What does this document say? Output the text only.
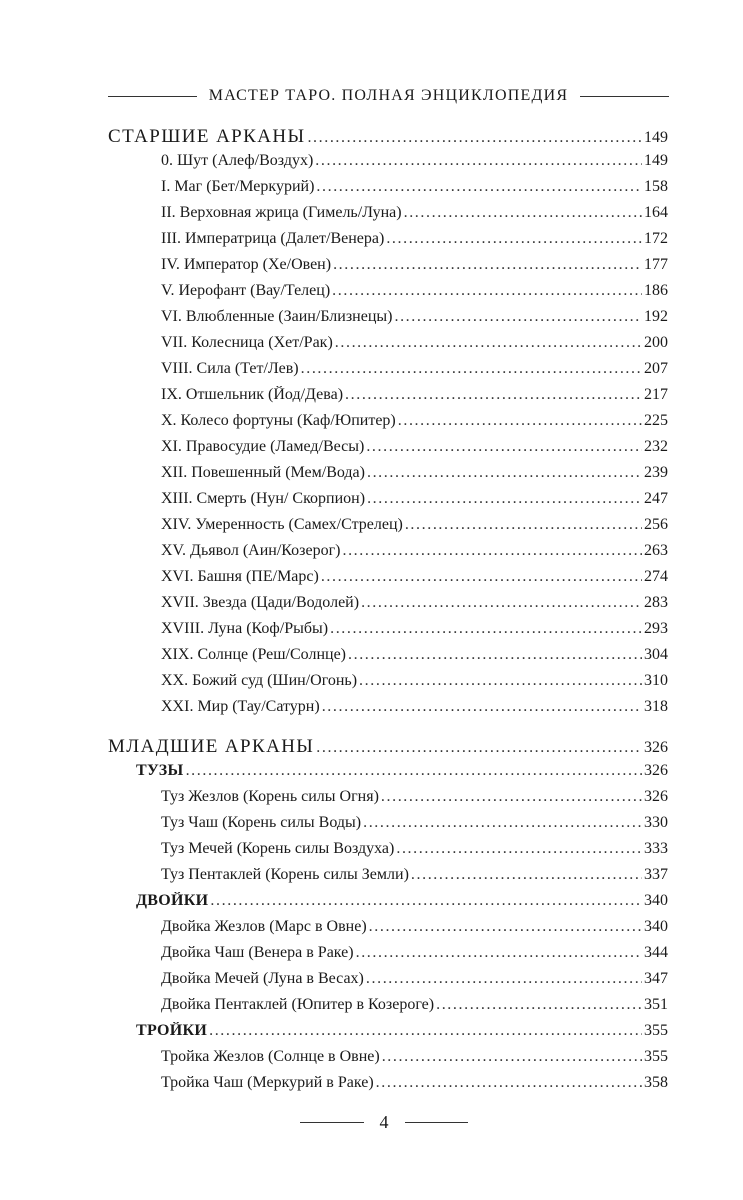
МАСТЕР ТАРО. ПОЛНАЯ ЭНЦИКЛОПЕДИЯ
СТАРШИЕ АРКАНЫ .....	149
0. Шут (Алеф/Воздух) .....	149
I. Маг (Бет/Меркурий) .....	158
II. Верховная жрица (Гимель/Луна) .....	164
III. Императрица (Далет/Венера) .....	172
IV. Император (Хе/Овен) .....	177
V. Иерофант (Вау/Телец) .....	186
VI. Влюбленные (Заин/Близнецы) .....	192
VII. Колесница (Хет/Рак) .....	200
VIII. Сила (Тет/Лев) .....	207
IX. Отшельник (Йод/Дева) .....	217
X. Колесо фортуны (Каф/Юпитер) .....	225
XI. Правосудие (Ламед/Весы) .....	232
XII. Повешенный (Мем/Вода) .....	239
XIII. Смерть (Нун/ Скорпион) .....	247
XIV. Умеренность (Самех/Стрелец) .....	256
XV. Дьявол (Аин/Козерог) .....	263
XVI. Башня (ПЕ/Марс) .....	274
XVII. Звезда (Цади/Водолей) .....	283
XVIII. Луна (Коф/Рыбы) .....	293
XIX. Солнце (Реш/Солнце) .....	304
XX. Божий суд (Шин/Огонь) .....	310
XXI. Мир (Тау/Сатурн) .....	318
МЛАДШИЕ АРКАНЫ .....	326
ТУЗЫ .....	326
Туз Жезлов (Корень силы Огня) .....	326
Туз Чаш (Корень силы Воды) .....	330
Туз Мечей (Корень силы Воздуха) .....	333
Туз Пентаклей (Корень силы Земли) .....	337
ДВОЙКИ .....	340
Двойка Жезлов (Марс в Овне) .....	340
Двойка Чаш (Венера в Раке) .....	344
Двойка Мечей (Луна в Весах) .....	347
Двойка Пентаклей (Юпитер в Козероге) .....	351
ТРОЙКИ .....	355
Тройка Жезлов (Солнце в Овне) .....	355
Тройка Чаш (Меркурий в Раке) .....	358
4
